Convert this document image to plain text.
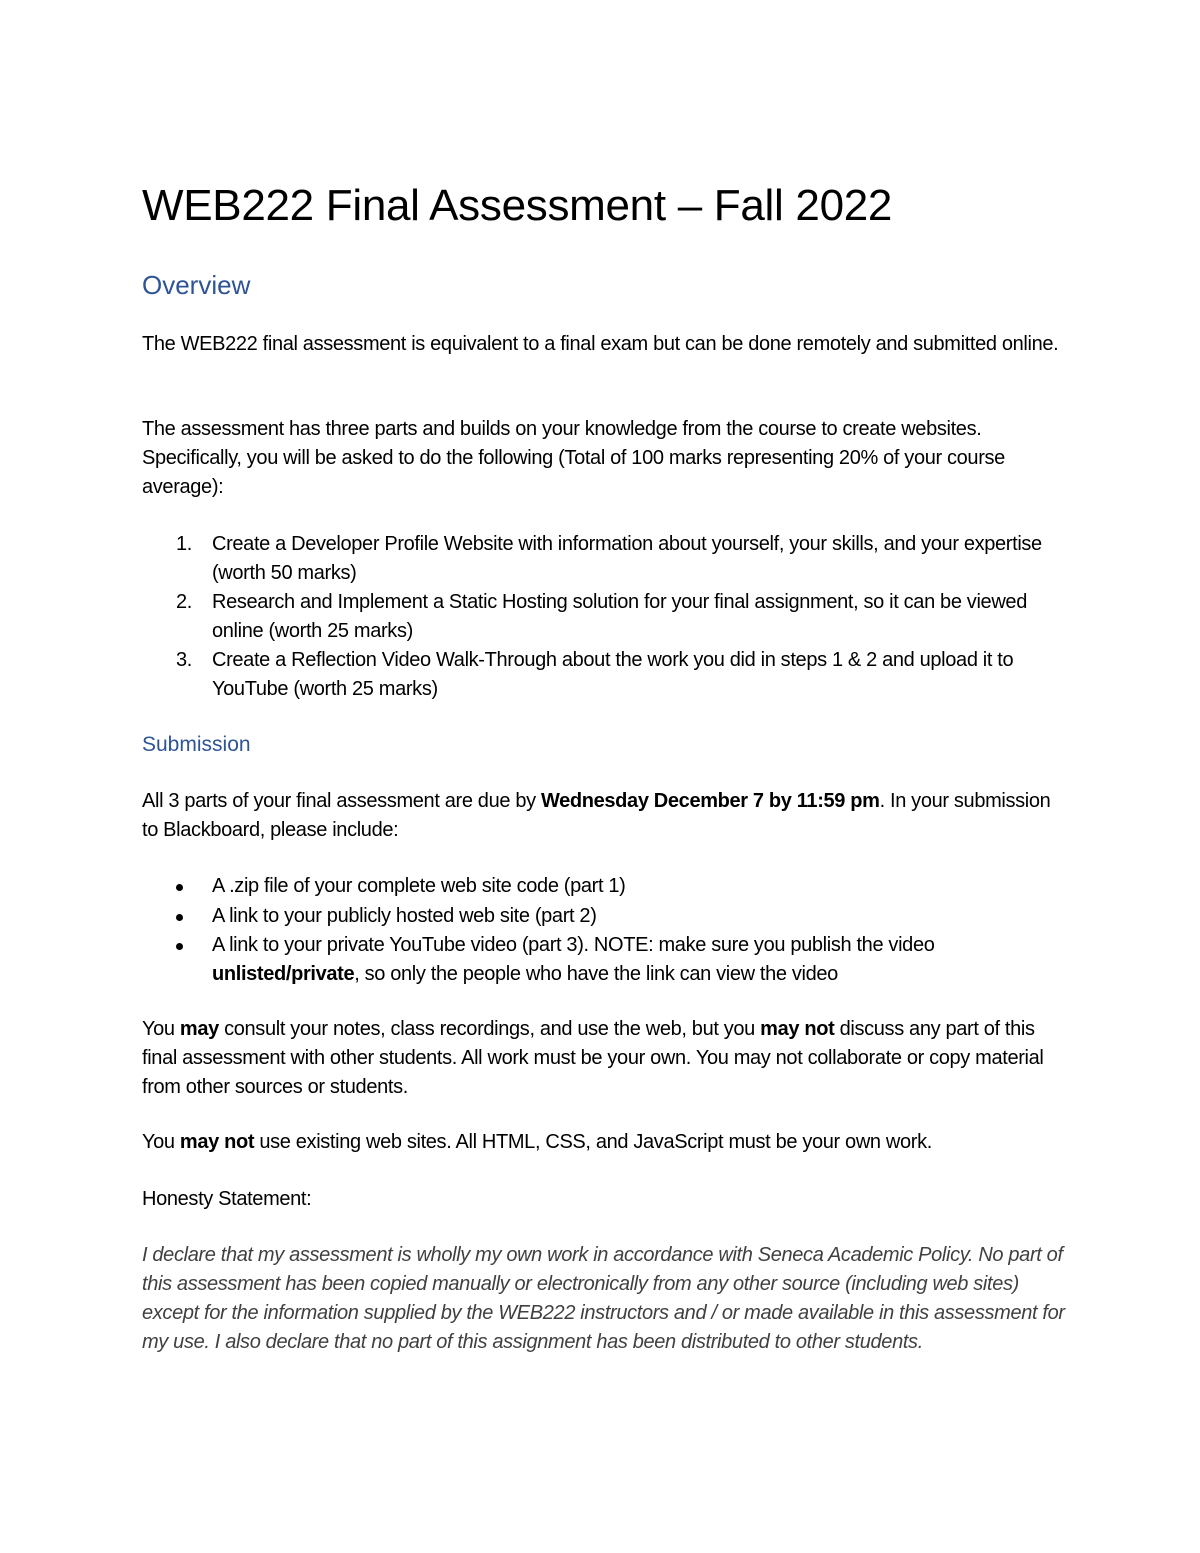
WEB222 Final Assessment – Fall 2022
Overview

The WEB222 final assessment is equivalent to a final exam but can be done remotely and submitted online.

The assessment has three parts and builds on your knowledge from the course to create websites. Specifically, you will be asked to do the following (Total of 100 marks representing 20% of your course average):

1. Create a Developer Profile Website with information about yourself, your skills, and your expertise (worth 50 marks)
2. Research and Implement a Static Hosting solution for your final assignment, so it can be viewed online (worth 25 marks)
3. Create a Reflection Video Walk-Through about the work you did in steps 1 & 2 and upload it to YouTube (worth 25 marks)
Submission

All 3 parts of your final assessment are due by Wednesday December 7 by 11:59 pm. In your submission to Blackboard, please include:

A .zip file of your complete web site code (part 1)
A link to your publicly hosted web site (part 2)
A link to your private YouTube video (part 3). NOTE: make sure you publish the video unlisted/private, so only the people who have the link can view the video

You may consult your notes, class recordings, and use the web, but you may not discuss any part of this final assessment with other students. All work must be your own. You may not collaborate or copy material from other sources or students.

You may not use existing web sites. All HTML, CSS, and JavaScript must be your own work.

Honesty Statement:

I declare that my assessment is wholly my own work in accordance with Seneca Academic Policy. No part of this assessment has been copied manually or electronically from any other source (including web sites) except for the information supplied by the WEB222 instructors and / or made available in this assessment for my use. I also declare that no part of this assignment has been distributed to other students.
